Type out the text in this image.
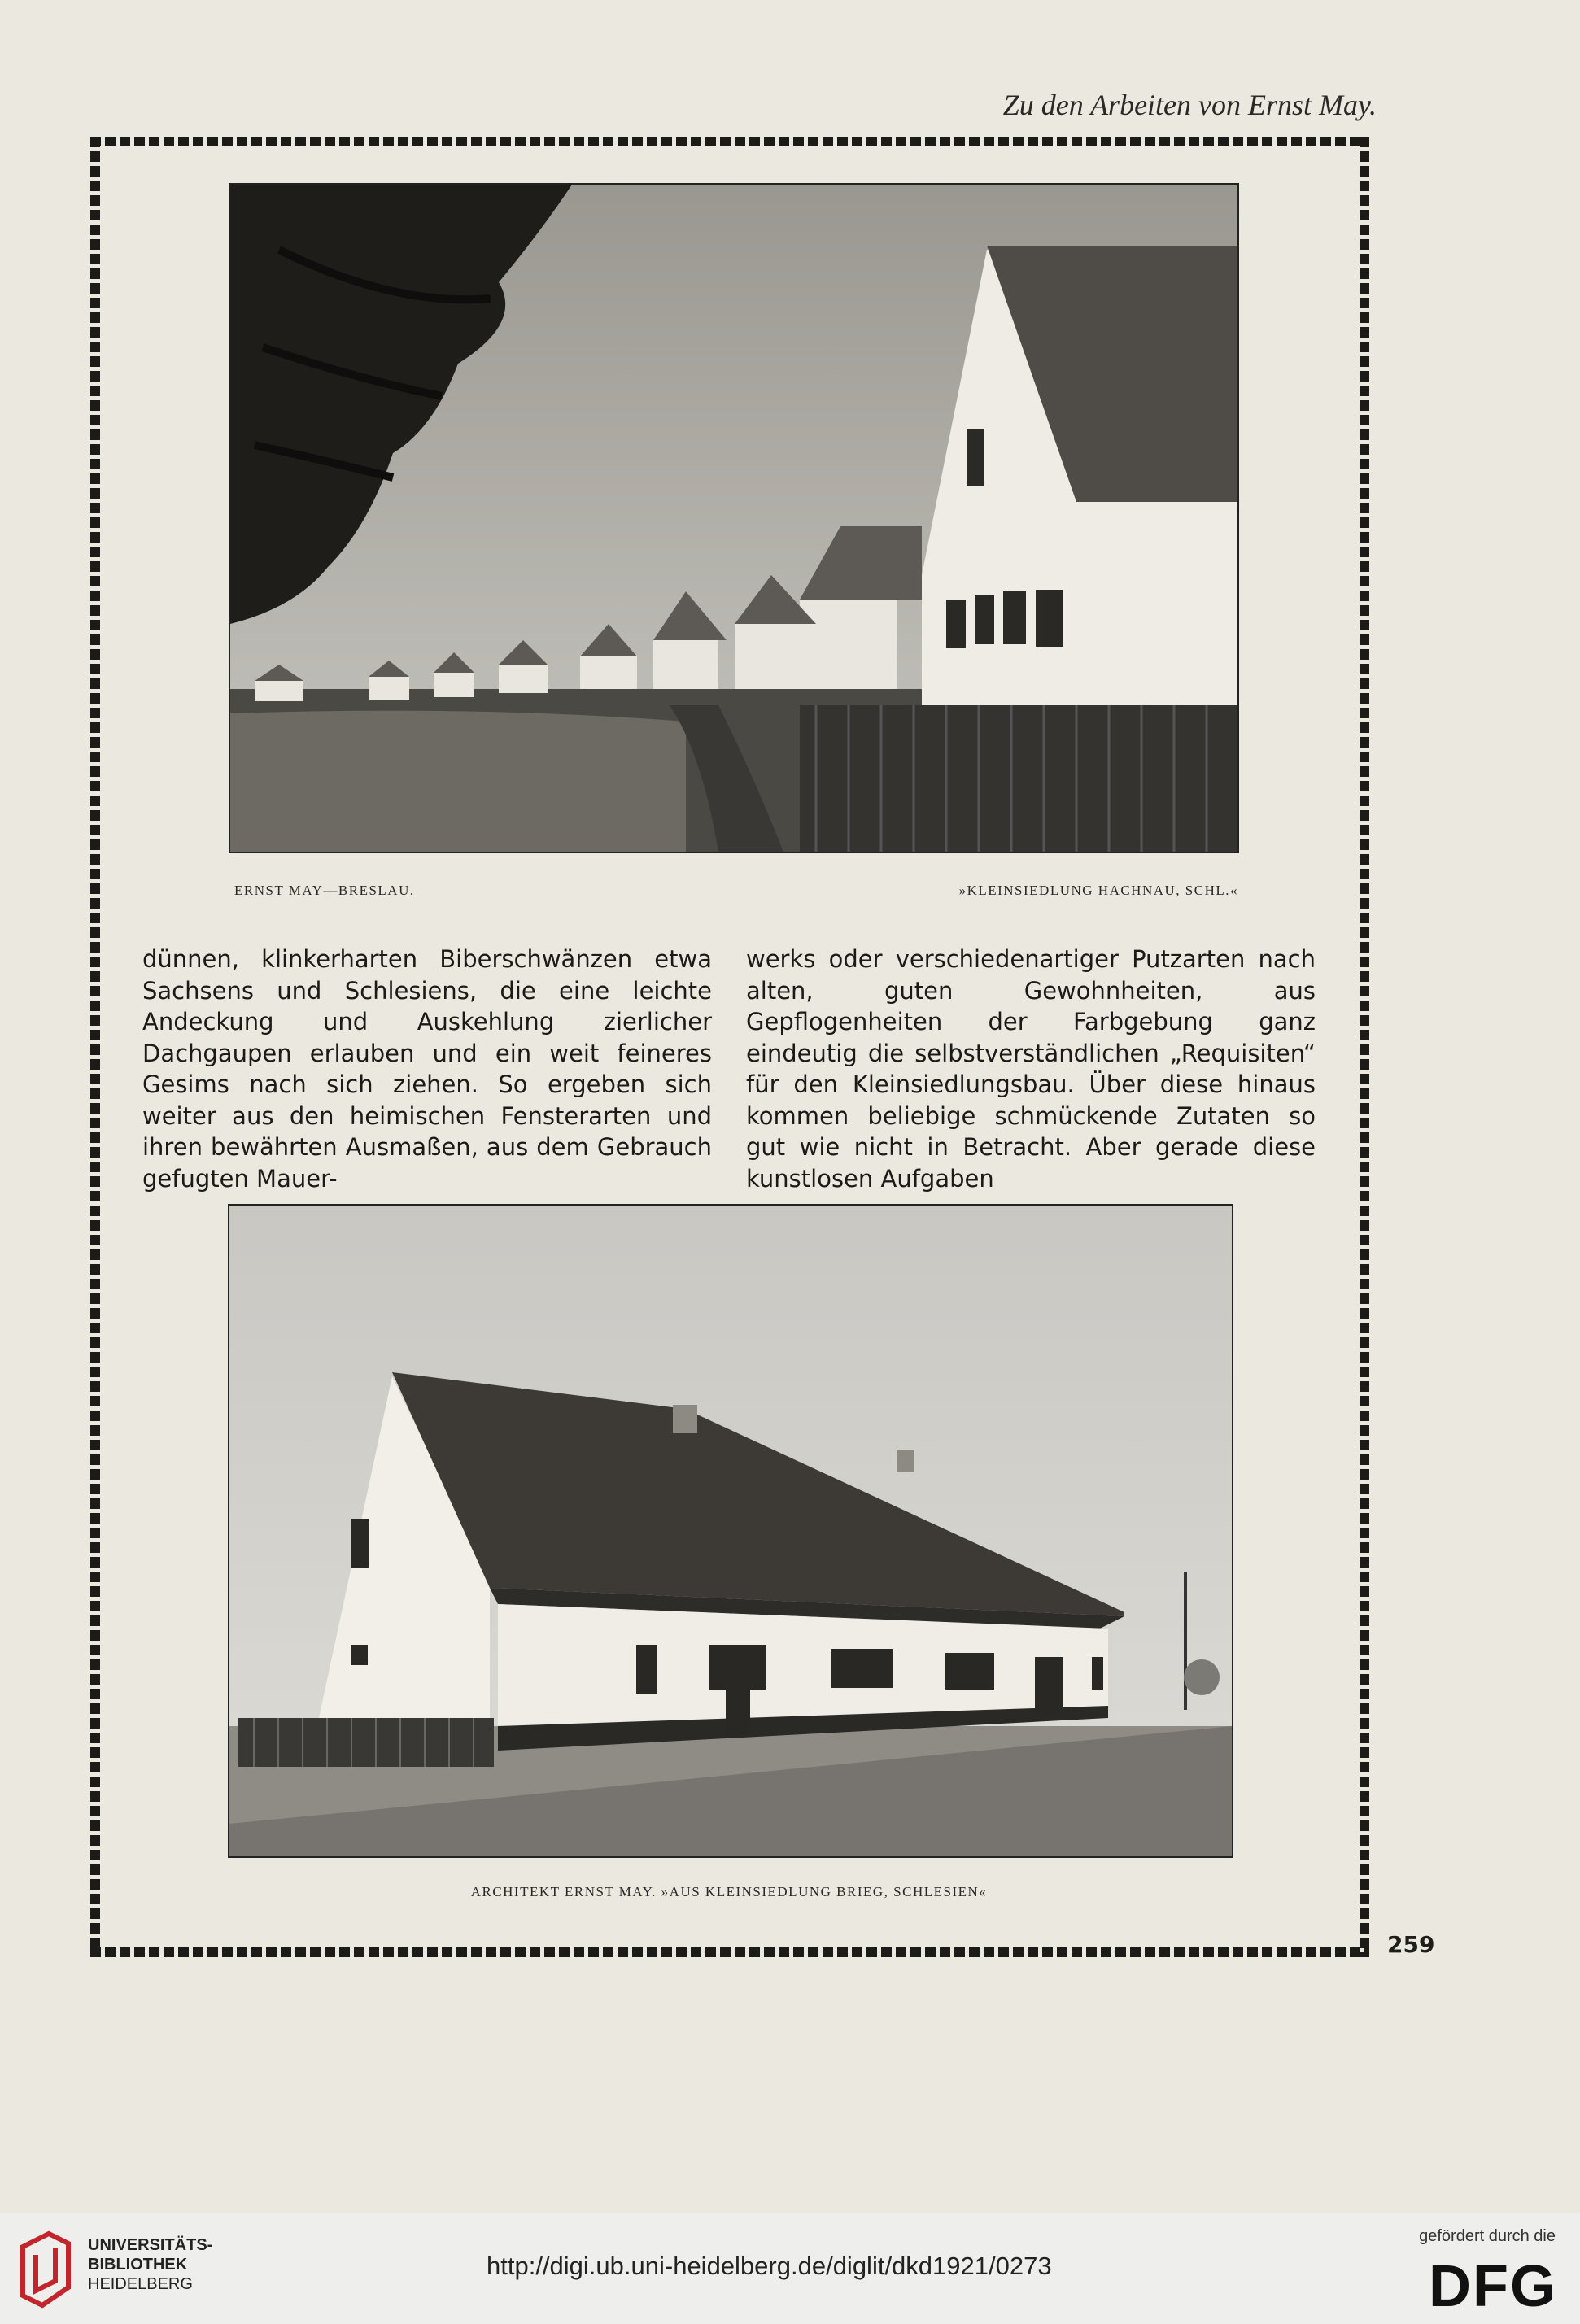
Zu den Arbeiten von Ernst May.
ERNST MAY—BRESLAU.	»KLEINSIEDLUNG HACHNAU, SCHL.«

dünnen, klinkerharten Biberschwänzen etwa Sachsens und Schlesiens, die eine leichte Andeckung und Auskehlung zierlicher Dachgaupen erlauben und ein weit feineres Gesims nach sich ziehen. So ergeben sich weiter aus den heimischen Fensterarten und ihren bewährten Ausmaßen, aus dem Gebrauch gefugten Mauer-

werks oder verschiedenartiger Putzarten nach alten, guten Gewohnheiten, aus Gepflogenheiten der Farbgebung ganz eindeutig die selbstverständlichen „Requisiten“ für den Kleinsiedlungsbau. Über diese hinaus kommen beliebige schmückende Zutaten so gut wie nicht in Betracht. Aber gerade diese kunstlosen Aufgaben

ARCHITEKT ERNST MAY. »AUS KLEINSIEDLUNG BRIEG, SCHLESIEN«
259
UNIVERSITÄTS-
BIBLIOTHEK
HEIDELBERG
http://digi.ub.uni-heidelberg.de/diglit/dkd1921/0273
gefördert durch die
DFG
